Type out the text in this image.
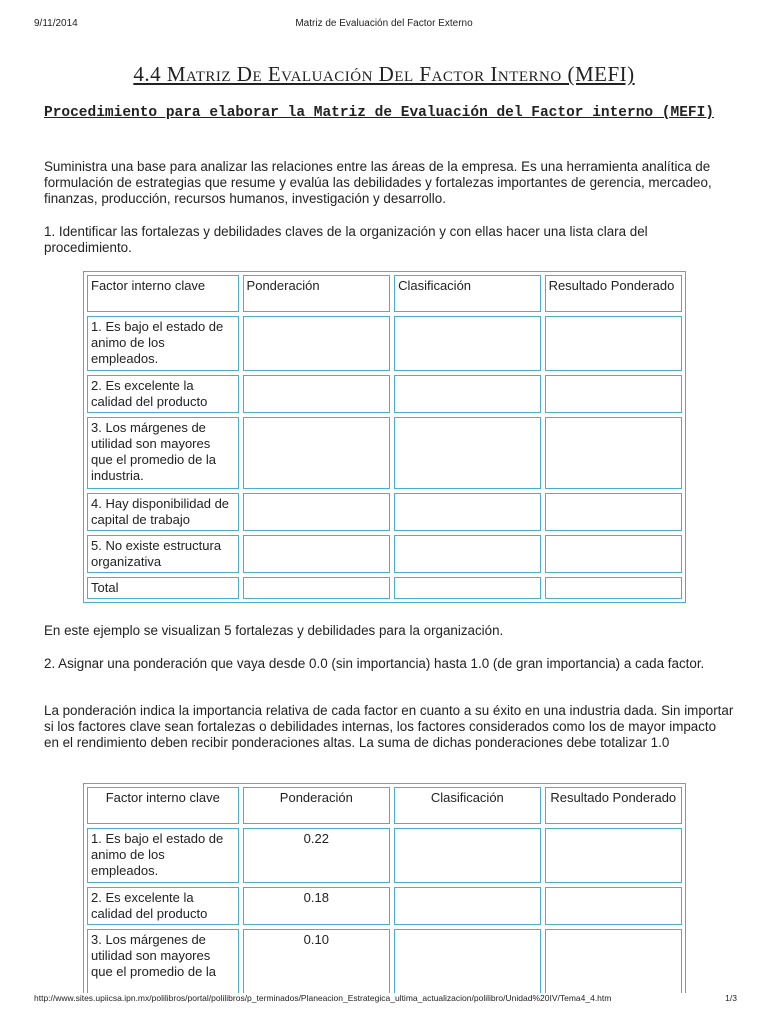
9/11/2014	Matriz de Evaluación del Factor Externo
4.4 Matriz De Evaluación Del Factor Interno (MEFI)
Procedimiento para elaborar la Matriz de Evaluación del Factor interno (MEFI)

Suministra una base para analizar las relaciones entre las áreas de la empresa. Es una herramienta analítica de formulación de estrategias que resume y evalúa las debilidades y fortalezas importantes de gerencia, mercadeo, finanzas, producción, recursos humanos, investigación y desarrollo.

1. Identificar las fortalezas y debilidades claves de la organización y con ellas hacer una lista clara del procedimiento.

Factor interno clave	Ponderación	Clasificación	Resultado Ponderado
1. Es bajo el estado de animo de los empleados.			
2. Es excelente la calidad del producto			
3. Los márgenes de utilidad son mayores que el promedio de la industria.			
4. Hay disponibilidad de capital de trabajo			
5. No existe estructura organizativa			
Total			

En este ejemplo se visualizan 5 fortalezas y debilidades para la organización.

2. Asignar una ponderación que vaya desde 0.0 (sin importancia) hasta 1.0 (de gran importancia) a cada factor.

La ponderación indica la importancia relativa de cada factor en cuanto a su éxito en una industria dada. Sin importar si los factores clave sean fortalezas o debilidades internas, los factores considerados como los de mayor impacto en el rendimiento deben recibir ponderaciones altas. La suma de dichas ponderaciones debe totalizar 1.0

Factor interno clave	Ponderación	Clasificación	Resultado Ponderado
1. Es bajo el estado de animo de los empleados.	0.22		
2. Es excelente la calidad del producto	0.18		
3. Los márgenes de utilidad son mayores que el promedio de la	0.10		
http://www.sites.upiicsa.ipn.mx/polilibros/portal/polilibros/p_terminados/Planeacion_Estrategica_ultima_actualizacion/polilibro/Unidad%20IV/Tema4_4.htm	1/3
